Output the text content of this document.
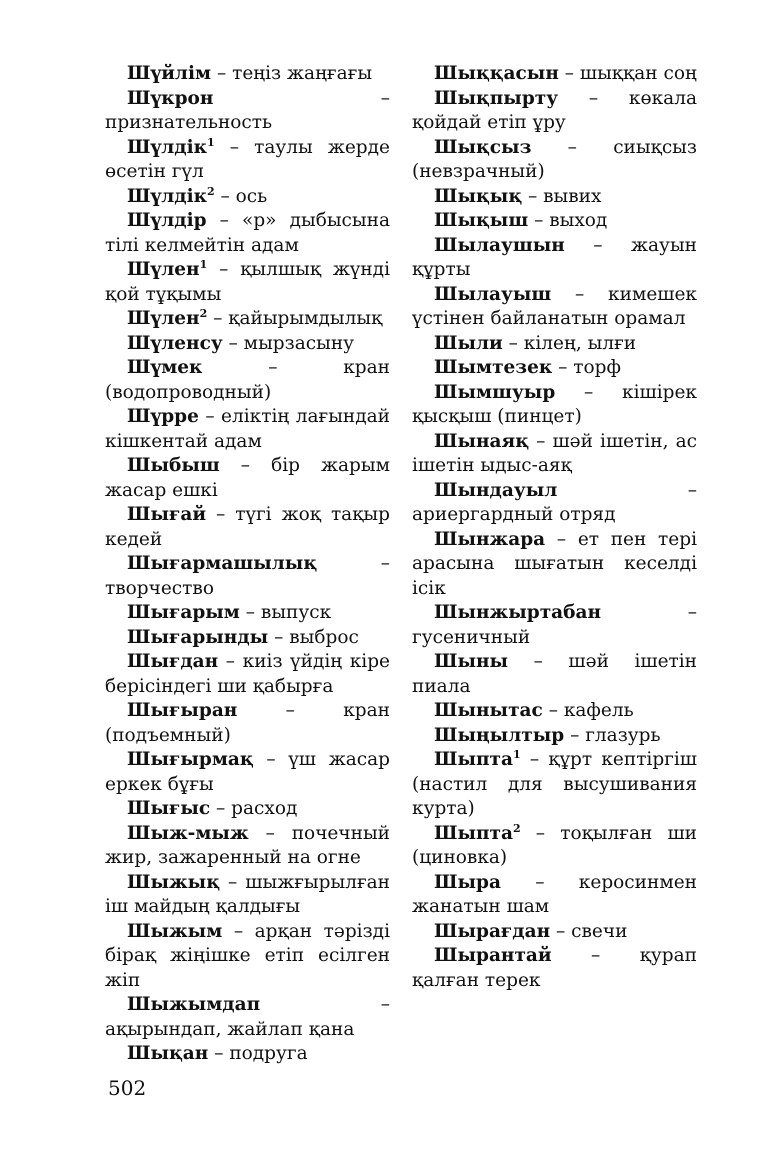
Шүйлім – теңіз жаңғағы

Шүкрон – признательность

Шүлдік$^1$ – таулы жерде өсетін гүл

Шүлдік$^2$ – ось

Шүлдір – «р» дыбысына тілі келмейтін адам

Шүлен$^1$ – қылшық жүнді қой тұқымы

Шүлен$^2$ – қайырымдылық

Шүленсу – мырзасыну

Шүмек – кран (водопроводный)

Шүрре – еліктің лағындай кішкентай адам

Шыбыш – бір жарым жасар ешкі

Шығай – түгі жоқ тақыр кедей

Шығармашылық – творчество

Шығарым – выпуск

Шығарынды – выброс

Шығдан – киіз үйдің кіре берісіндегі ши қабырға

Шығыран – кран (подъемный)

Шығырмақ – үш жасар еркек бұғы

Шығыс – расход

Шыж-мыж – почечный жир, зажаренный на огне

Шыжық – шыжғырылған іш майдың қалдығы

Шыжым – арқан тәрізді бірақ жіңішке етіп есілген жіп

Шыжымдап – ақырындап, жайлап қана

Шықан – подруга

Шыққасын – шыққан соң

Шықпырту – көкала қойдай етіп ұру

Шықсыз – сиықсыз (невзрачный)

Шықық – вывих

Шықыш – выход

Шылаушын – жауын құрты

Шылауыш – кимешек үстінен байланатын орамал

Шыли – кілең, ылғи

Шымтезек – торф

Шымшуыр – кішірек қысқыш (пинцет)

Шынаяқ – шәй ішетін, ас ішетін ыдыс-аяқ

Шындауыл – ариергардный отряд

Шынжара – ет пен тері арасына шығатын кеселді ісік

Шынжыртабан – гусеничный

Шыны – шәй ішетін пиала

Шынытас – кафель

Шыңылтыр – глазурь

Шыпта$^1$ – құрт кептіргіш (настил для высушивания курта)

Шыпта$^2$ – тоқылған ши (циновка)

Шыра – керосинмен жанатын шам

Шырағдан – свечи

Шырантай – қурап қалған терек

502
